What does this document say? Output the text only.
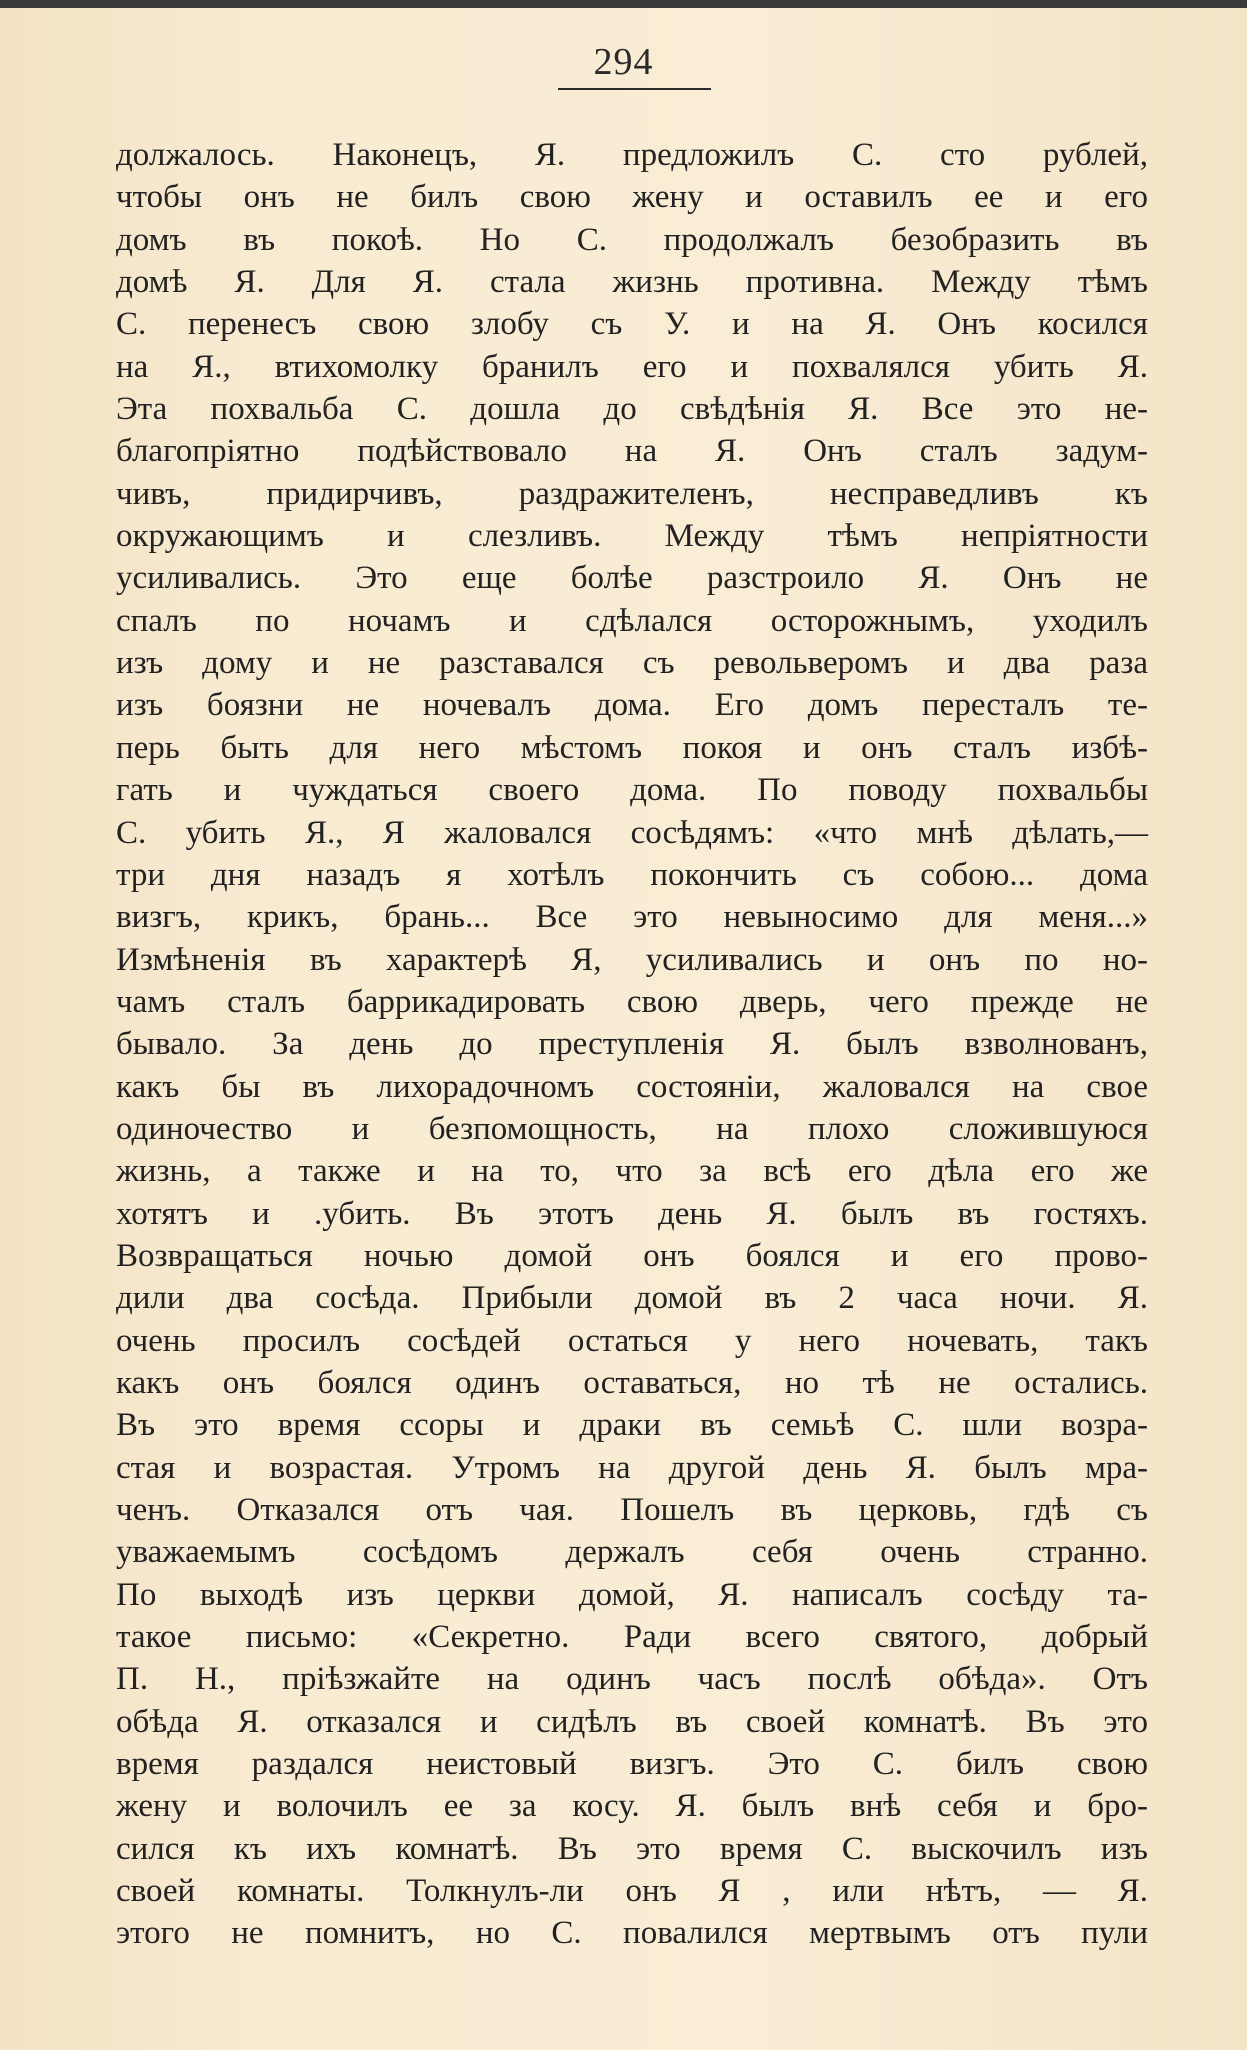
294
должалось. Наконецъ, Я. предложилъ С. сто рублей,
чтобы онъ не билъ свою жену и оставилъ ее и его
домъ въ покоѣ. Но С. продолжалъ безобразить въ
домѣ Я. Для Я. стала жизнь противна. Между тѣмъ
С. перенесъ свою злобу съ У. и на Я. Онъ косился
на Я., втихомолку бранилъ его и похвалялся убить Я.
Эта похвальба С. дошла до свѣдѣнія Я. Все это не-
благопріятно подѣйствовало на Я. Онъ сталъ задум-
чивъ, придирчивъ, раздражителенъ, несправедливъ къ
окружающимъ и слезливъ. Между тѣмъ непріятности
усиливались. Это еще болѣе разстроило Я. Онъ не
спалъ по ночамъ и сдѣлался осторожнымъ, уходилъ
изъ дому и не разставался съ револьверомъ и два раза
изъ боязни не ночевалъ дома. Его домъ пересталъ те-
перь быть для него мѣстомъ покоя и онъ сталъ избѣ-
гать и чуждаться своего дома. По поводу похвальбы
С. убить Я., Я жаловался сосѣдямъ: «что мнѣ дѣлать,—
три дня назадъ я хотѣлъ покончить съ собою... дома
визгъ, крикъ, брань... Все это невыносимо для меня...»
Измѣненія въ характерѣ Я, усиливались и онъ по но-
чамъ сталъ баррикадировать свою дверь, чего прежде не
бывало. За день до преступленія Я. былъ взволнованъ,
какъ бы въ лихорадочномъ состояніи, жаловался на свое
одиночество и безпомощность, на плохо сложившуюся
жизнь, а также и на то, что за всѣ его дѣла его же
хотятъ и .убить. Въ этотъ день Я. былъ въ гостяхъ.
Возвращаться ночью домой онъ боялся и его прово-
дили два сосѣда. Прибыли домой въ 2 часа ночи. Я.
очень просилъ сосѣдей остаться у него ночевать, такъ
какъ онъ боялся одинъ оставаться, но тѣ не остались.
Въ это время ссоры и драки въ семьѣ С. шли возра-
стая и возрастая. Утромъ на другой день Я. былъ мра-
ченъ. Отказался отъ чая. Пошелъ въ церковь, гдѣ съ
уважаемымъ сосѣдомъ держалъ себя очень странно.
По выходѣ изъ церкви домой, Я. написалъ сосѣду та-
такое письмо: «Секретно. Ради всего святого, добрый
П. Н., пріѣзжайте на одинъ часъ послѣ обѣда». Отъ
обѣда Я. отказался и сидѣлъ въ своей комнатѣ. Въ это
время раздался неистовый визгъ. Это С. билъ свою
жену и волочилъ ее за косу. Я. былъ внѣ себя и бро-
сился къ ихъ комнатѣ. Въ это время С. выскочилъ изъ
своей комнаты. Толкнулъ-ли онъ Я , или нѣтъ, — Я.
этого не помнитъ, но С. повалился мертвымъ отъ пули
